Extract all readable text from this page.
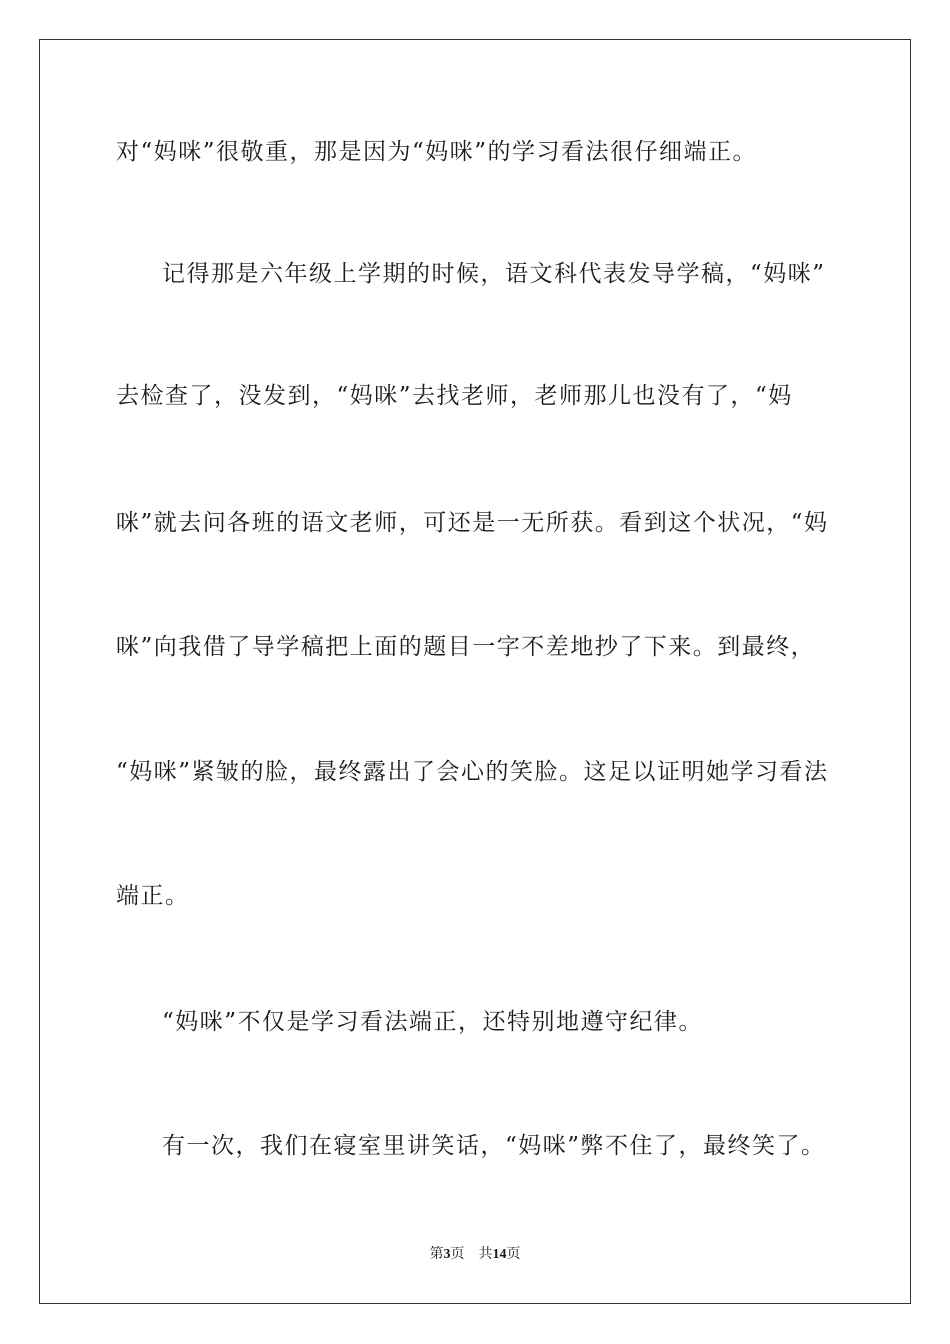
对“妈咪”很敬重，那是因为“妈咪”的学习看法很仔细端正。
记得那是六年级上学期的时候，语文科代表发导学稿，“妈咪”
去检查了，没发到，“妈咪”去找老师，老师那儿也没有了，“妈
咪”就去问各班的语文老师，可还是一无所获。看到这个状况，“妈
咪”向我借了导学稿把上面的题目一字不差地抄了下来。到最终，
“妈咪”紧皱的脸，最终露出了会心的笑脸。这足以证明她学习看法
端正。
“妈咪”不仅是学习看法端正，还特别地遵守纪律。
有一次，我们在寝室里讲笑话，“妈咪”弊不住了，最终笑了。
第3页 共14页
